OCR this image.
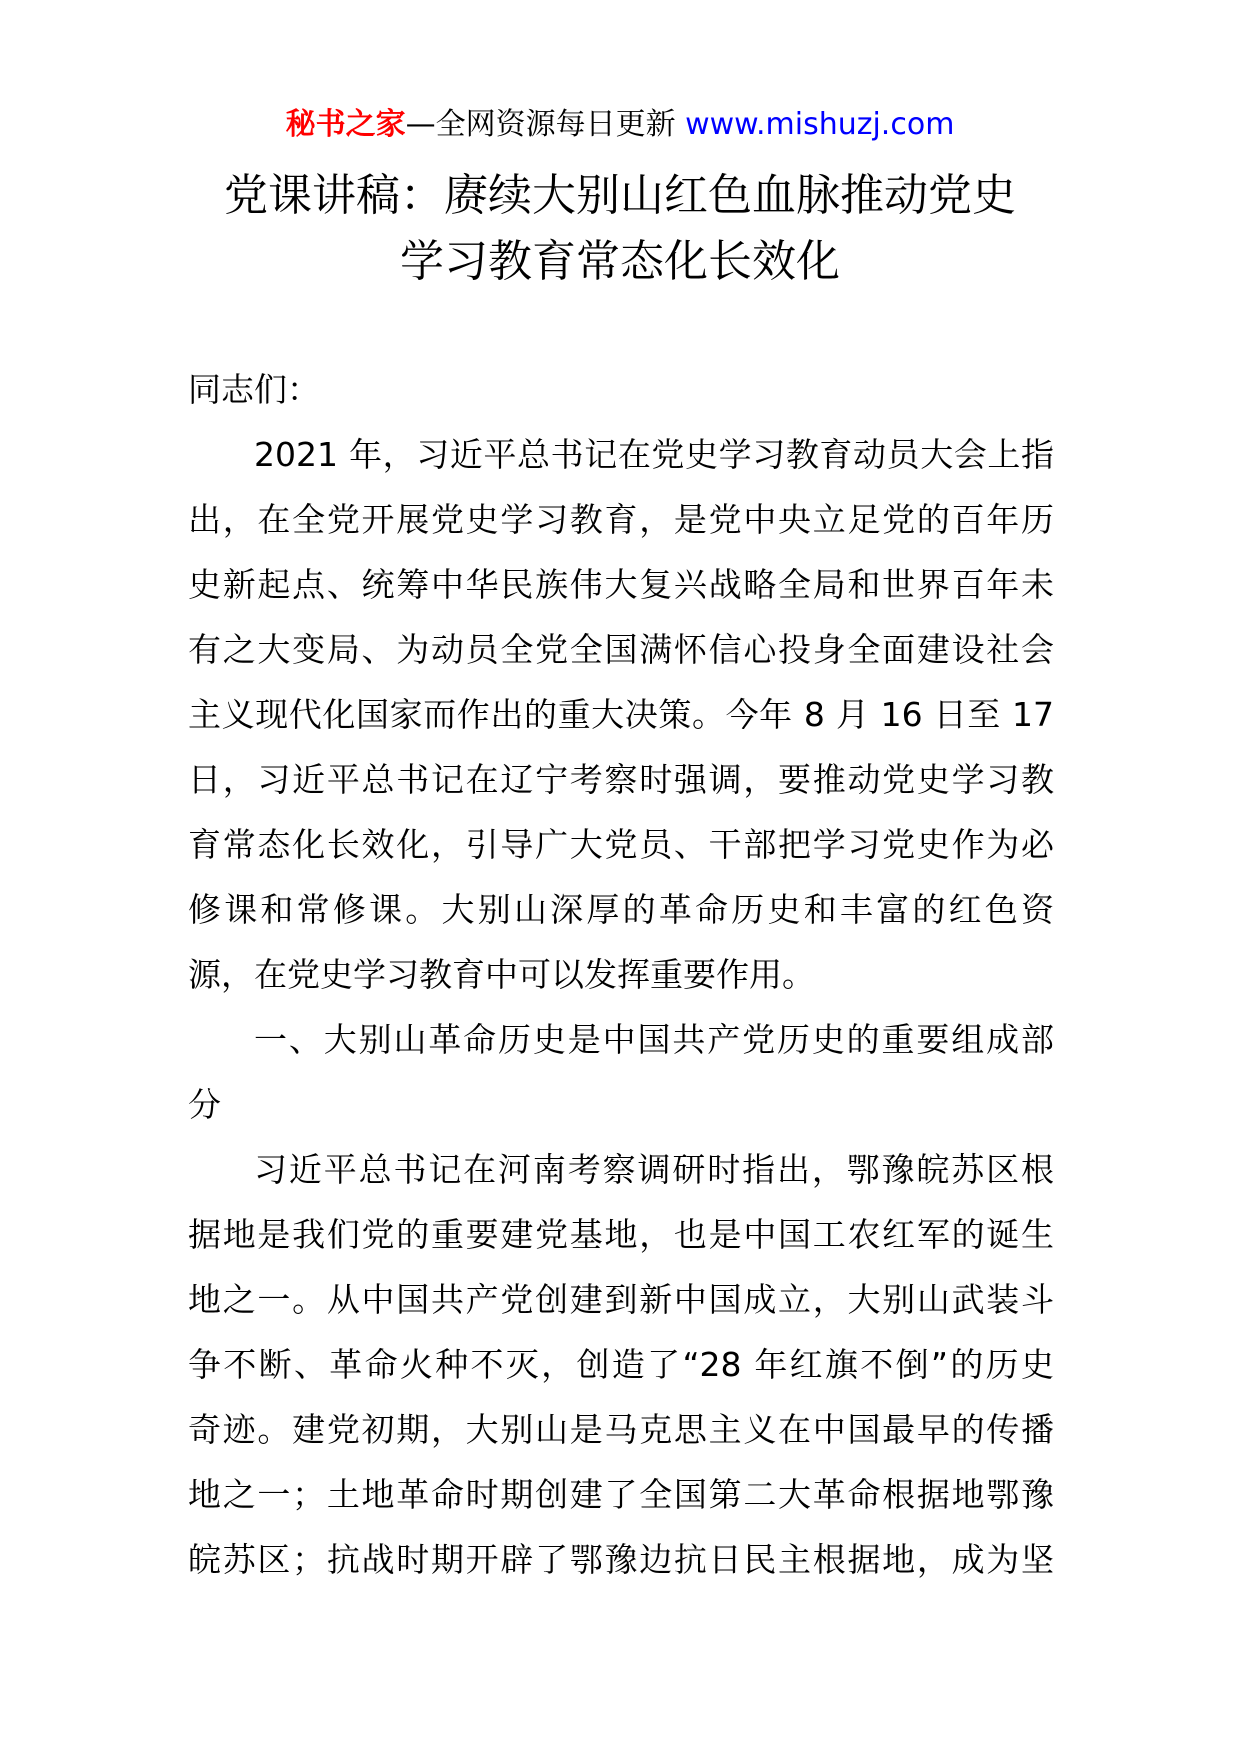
秘书之家—全网资源每日更新 www.mishuzj.com
党课讲稿：赓续大别山红色血脉推动党史
学习教育常态化长效化
同志们：
2021 年，习近平总书记在党史学习教育动员大会上指
出，在全党开展党史学习教育，是党中央立足党的百年历
史新起点、统筹中华民族伟大复兴战略全局和世界百年未
有之大变局、为动员全党全国满怀信心投身全面建设社会
主义现代化国家而作出的重大决策。今年 8 月 16 日至 17
日，习近平总书记在辽宁考察时强调，要推动党史学习教
育常态化长效化，引导广大党员、干部把学习党史作为必
修课和常修课。大别山深厚的革命历史和丰富的红色资
源，在党史学习教育中可以发挥重要作用。
一、大别山革命历史是中国共产党历史的重要组成部
分
习近平总书记在河南考察调研时指出，鄂豫皖苏区根
据地是我们党的重要建党基地，也是中国工农红军的诞生
地之一。从中国共产党创建到新中国成立，大别山武装斗
争不断、革命火种不灭，创造了“28 年红旗不倒”的历史
奇迹。建党初期，大别山是马克思主义在中国最早的传播
地之一；土地革命时期创建了全国第二大革命根据地鄂豫
皖苏区；抗战时期开辟了鄂豫边抗日民主根据地，成为坚
